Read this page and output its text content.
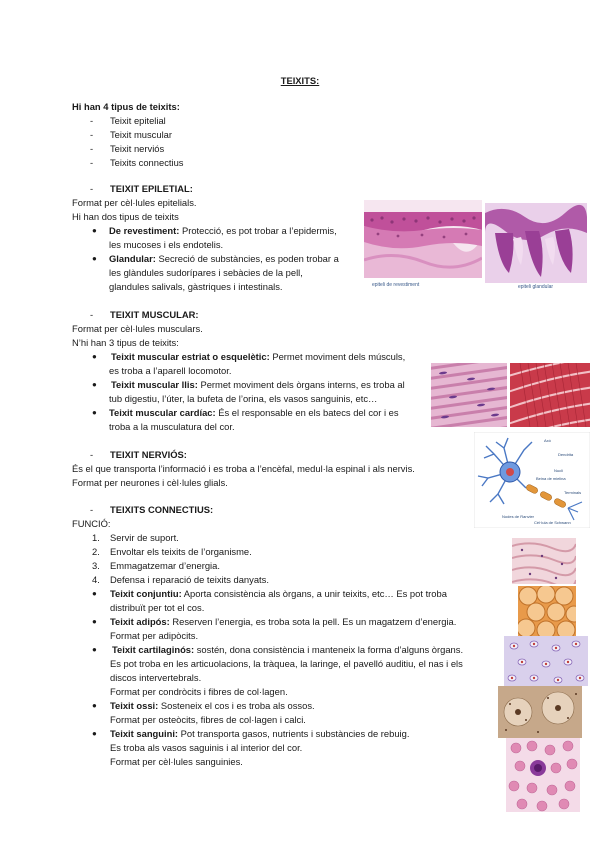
TEIXITS:
Hi han 4 tipus de teixits:
- Teixit epitelial
- Teixit muscular
- Teixit nerviós
- Teixits connectius
- TEIXIT EPILETIAL:
Format per cèl·lules epitelials.
Hi han dos tipus de teixits
● De revestiment: Protecció, es pot trobar a l’epidermis,
les mucoses i els endotelis.
● Glandular: Secreció de substàncies, es poden trobar a
les glàndules sudorípares i sebàcies de la pell,
glandules salivals, gàstriques i intestinals.	epiteli de revestiment	epiteli glandular
- TEIXIT MUSCULAR:
Format per cèl·lules musculars.
N’hi han 3 tipus de teixits:
● Teixit muscular estriat o esquelètic: Permet moviment dels músculs,
es troba a l’aparell locomotor.
● Teixit muscular llis: Permet moviment dels òrgans interns, es troba al
tub digestiu, l’úter, la bufeta de l’orina, els vasos sanguinis, etc…
● Teixit muscular cardíac: És el responsable en els batecs del cor i es
troba a la musculatura del cor.
- TEIXIT NERVIÓS:
És el que transporta l’informació i es troba a l’encèfal, medul·la espinal i als nervis.
Format per neurones i cèl·lules glials.
Axó
Dendrita
Nucli
Beina de mielina
Terminals
Nodes de Ranvier
Cèl·lula de Schwann
- TEIXITS CONNECTIUS:
FUNCIÓ:
1. Servir de suport.
2. Envoltar els teixits de l’organisme.
3. Emmagatzemar d’energia.
4. Defensa i reparació de teixits danyats.
● Teixit conjuntiu: Aporta consistència als òrgans, a unir teixits, etc… Es pot troba
distribuït per tot el cos.
● Teixit adipós: Reserven l’energia, es troba sota la pell. Es un magatzem d’energia.
Format per adipòcits.
● Teixit cartilaginós: sostén, dona consistència i manteneix la forma d’alguns òrgans.
Es pot troba en les articuolacions, la tràquea, la laringe, el pavelló auditiu, el nas i els
discos intervertebrals.
Format per condròcits i fibres de col·lagen.
● Teixit ossi: Sosteneix el cos i es troba als ossos.
Format per osteòcits, fibres de col·lagen i calci.
● Teixit sanguini: Pot transporta gasos, nutrients i substàncies de rebuig.
Es troba als vasos saguinis i al interior del cor.
Format per cèl·lules sanguinies.
